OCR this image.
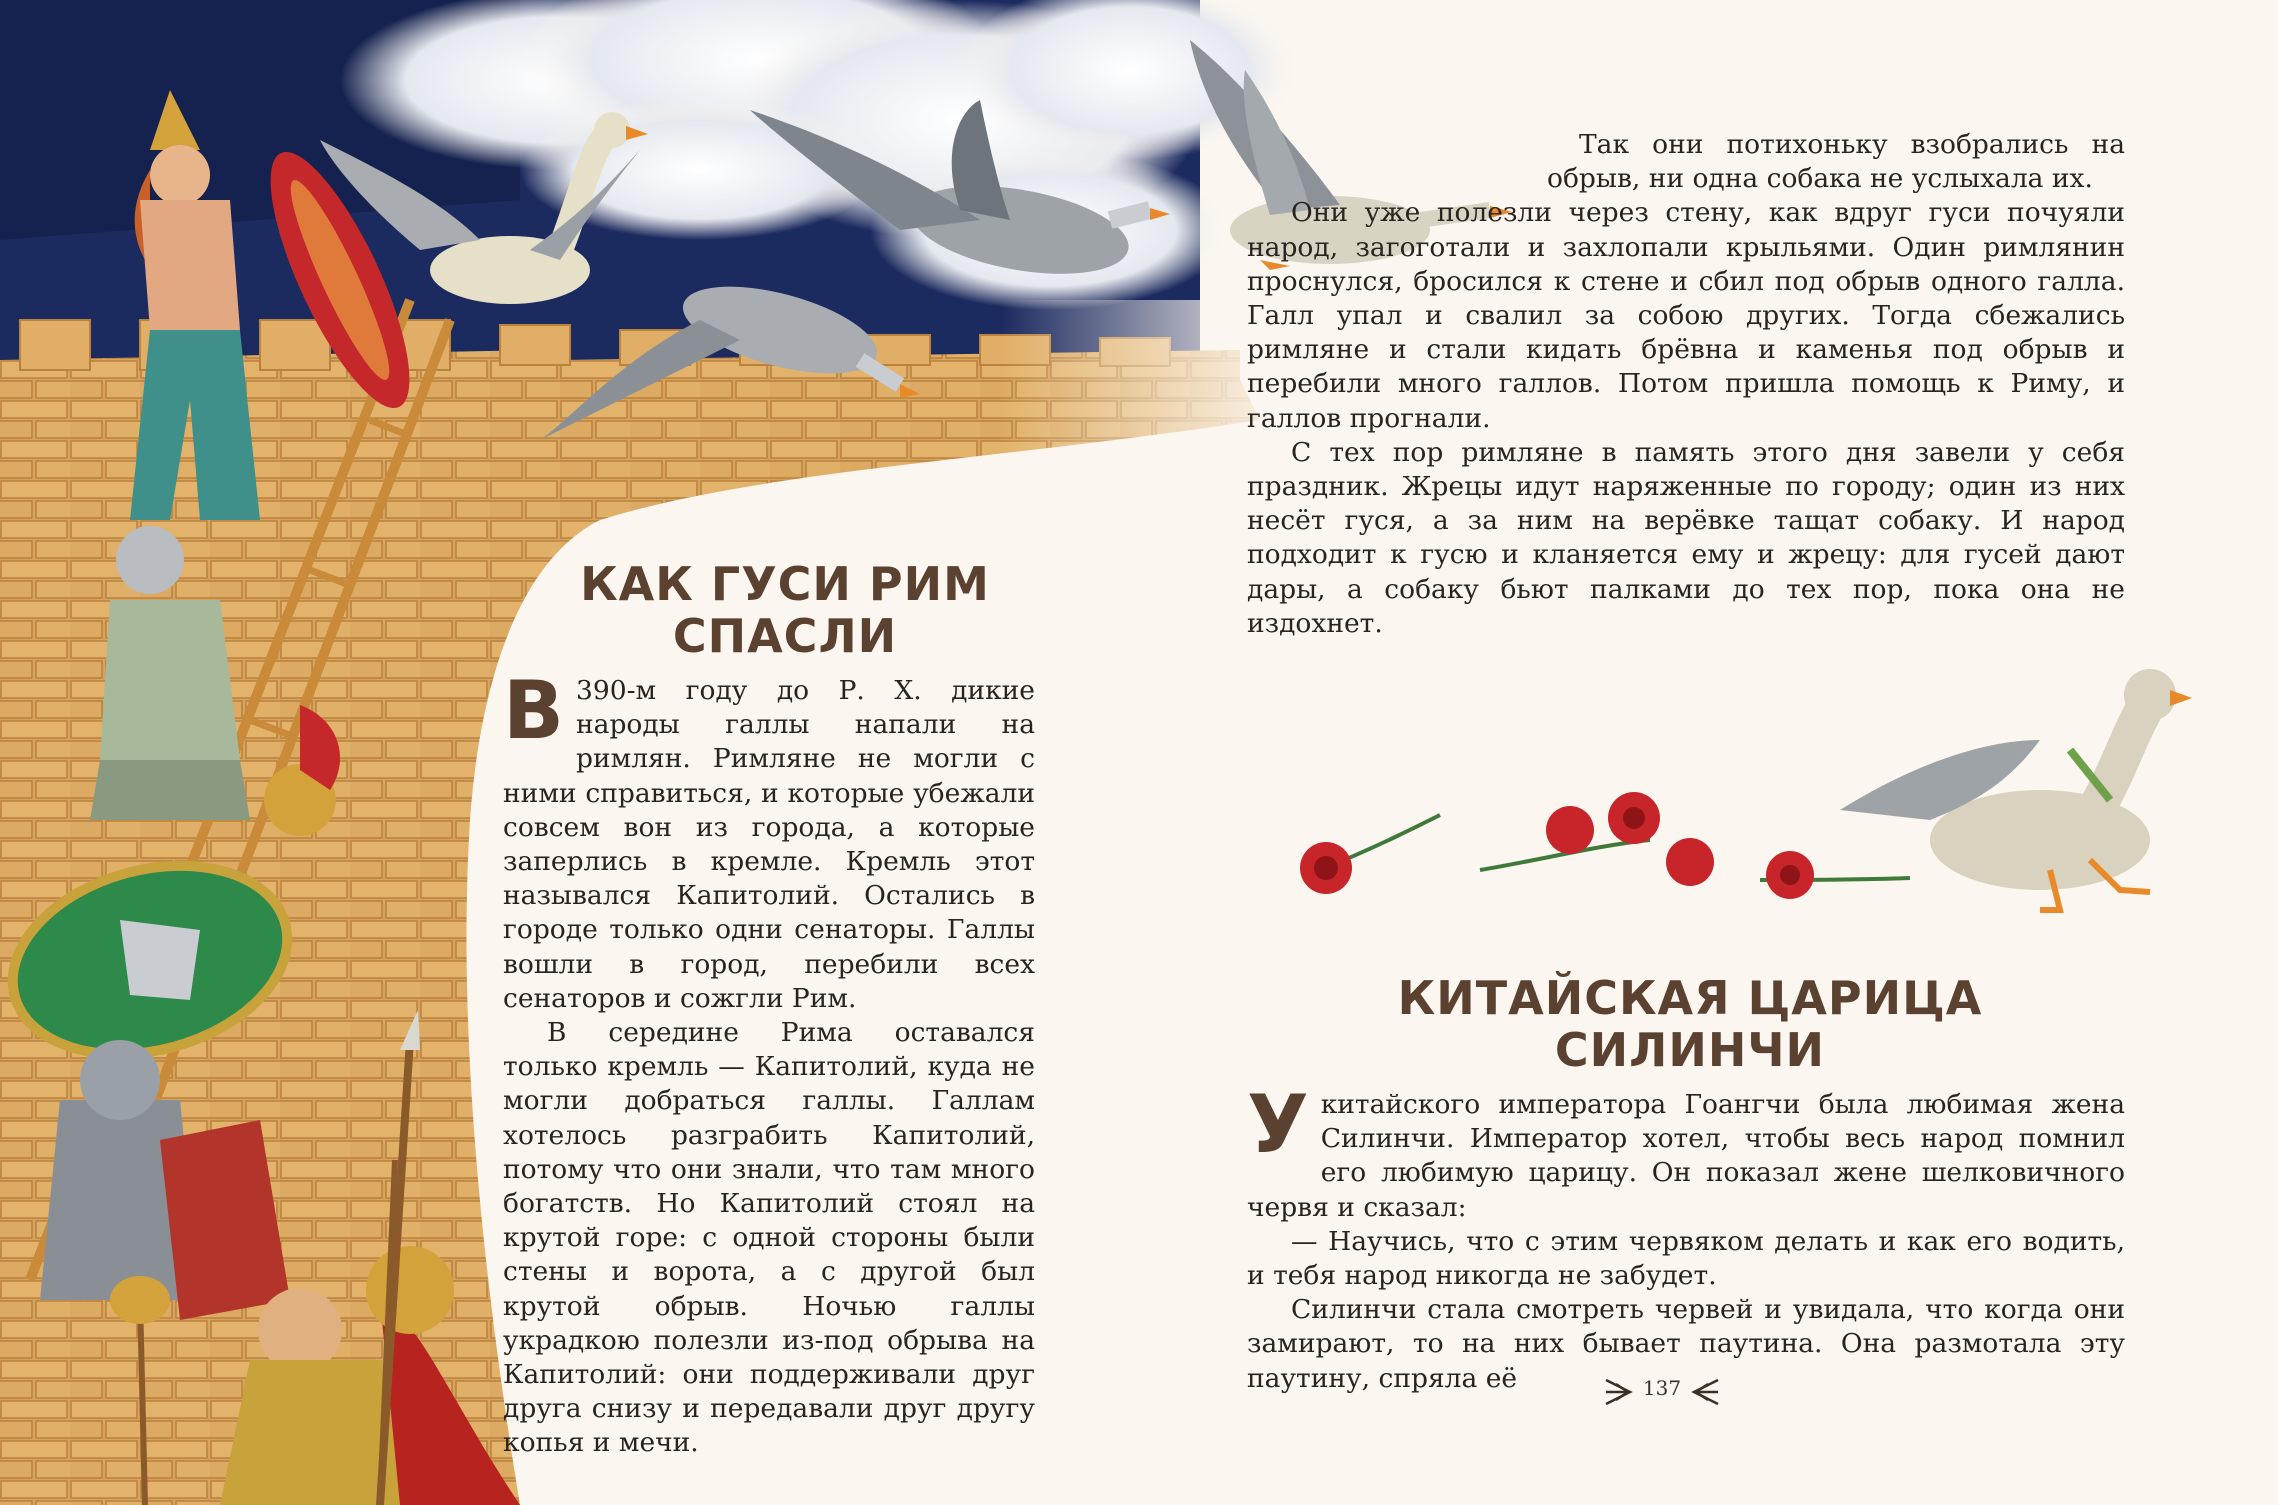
КАК ГУСИ РИМ
СПАСЛИ

В 390-м году до Р. Х. дикие народы галлы напали на римлян. Римляне не могли с ними справиться, и которые убежали совсем вон из города, а которые заперлись в кремле. Кремль этот назывался Капитолий. Остались в городе только одни сенаторы. Галлы вошли в город, перебили всех сенаторов и сожгли Рим.

В середине Рима оставался только кремль — Капитолий, куда не могли добраться галлы. Галлам хотелось разграбить Капитолий, потому что они знали, что там много богатств. Но Капитолий стоял на крутой горе: с одной стороны были стены и ворота, а с другой был крутой обрыв. Ночью галлы украдкою полезли из-под обрыва на Капитолий: они поддерживали друг друга снизу и передавали друг другу копья и мечи.

Так они потихоньку взобрались на обрыв, ни одна собака не услыхала их.

Они уже полезли через стену, как вдруг гуси почуяли народ, загоготали и захлопали крыльями. Один римлянин проснулся, бросился к стене и сбил под обрыв одного галла. Галл упал и свалил за собою других. Тогда сбежались римляне и стали кидать брёвна и каменья под обрыв и перебили много галлов. Потом пришла помощь к Риму, и галлов прогнали.

С тех пор римляне в память этого дня завели у себя праздник. Жрецы идут наряженные по городу; один из них несёт гуся, а за ним на верёвке тащат собаку. И народ подходит к гусю и кланяется ему и жрецу: для гусей дают дары, а собаку бьют палками до тех пор, пока она не издохнет.

КИТАЙСКАЯ ЦАРИЦА
СИЛИНЧИ

Укитайского императора Гоангчи была любимая жена Силинчи. Император хотел, чтобы весь народ помнил его любимую царицу. Он показал жене шелковичного червя и сказал:

— Научись, что с этим червяком делать и как его водить, и тебя народ никогда не забудет.

Силинчи стала смотреть червей и увидала, что когда они замирают, то на них бывает паутина. Она размотала эту паутину, спряла её	137
